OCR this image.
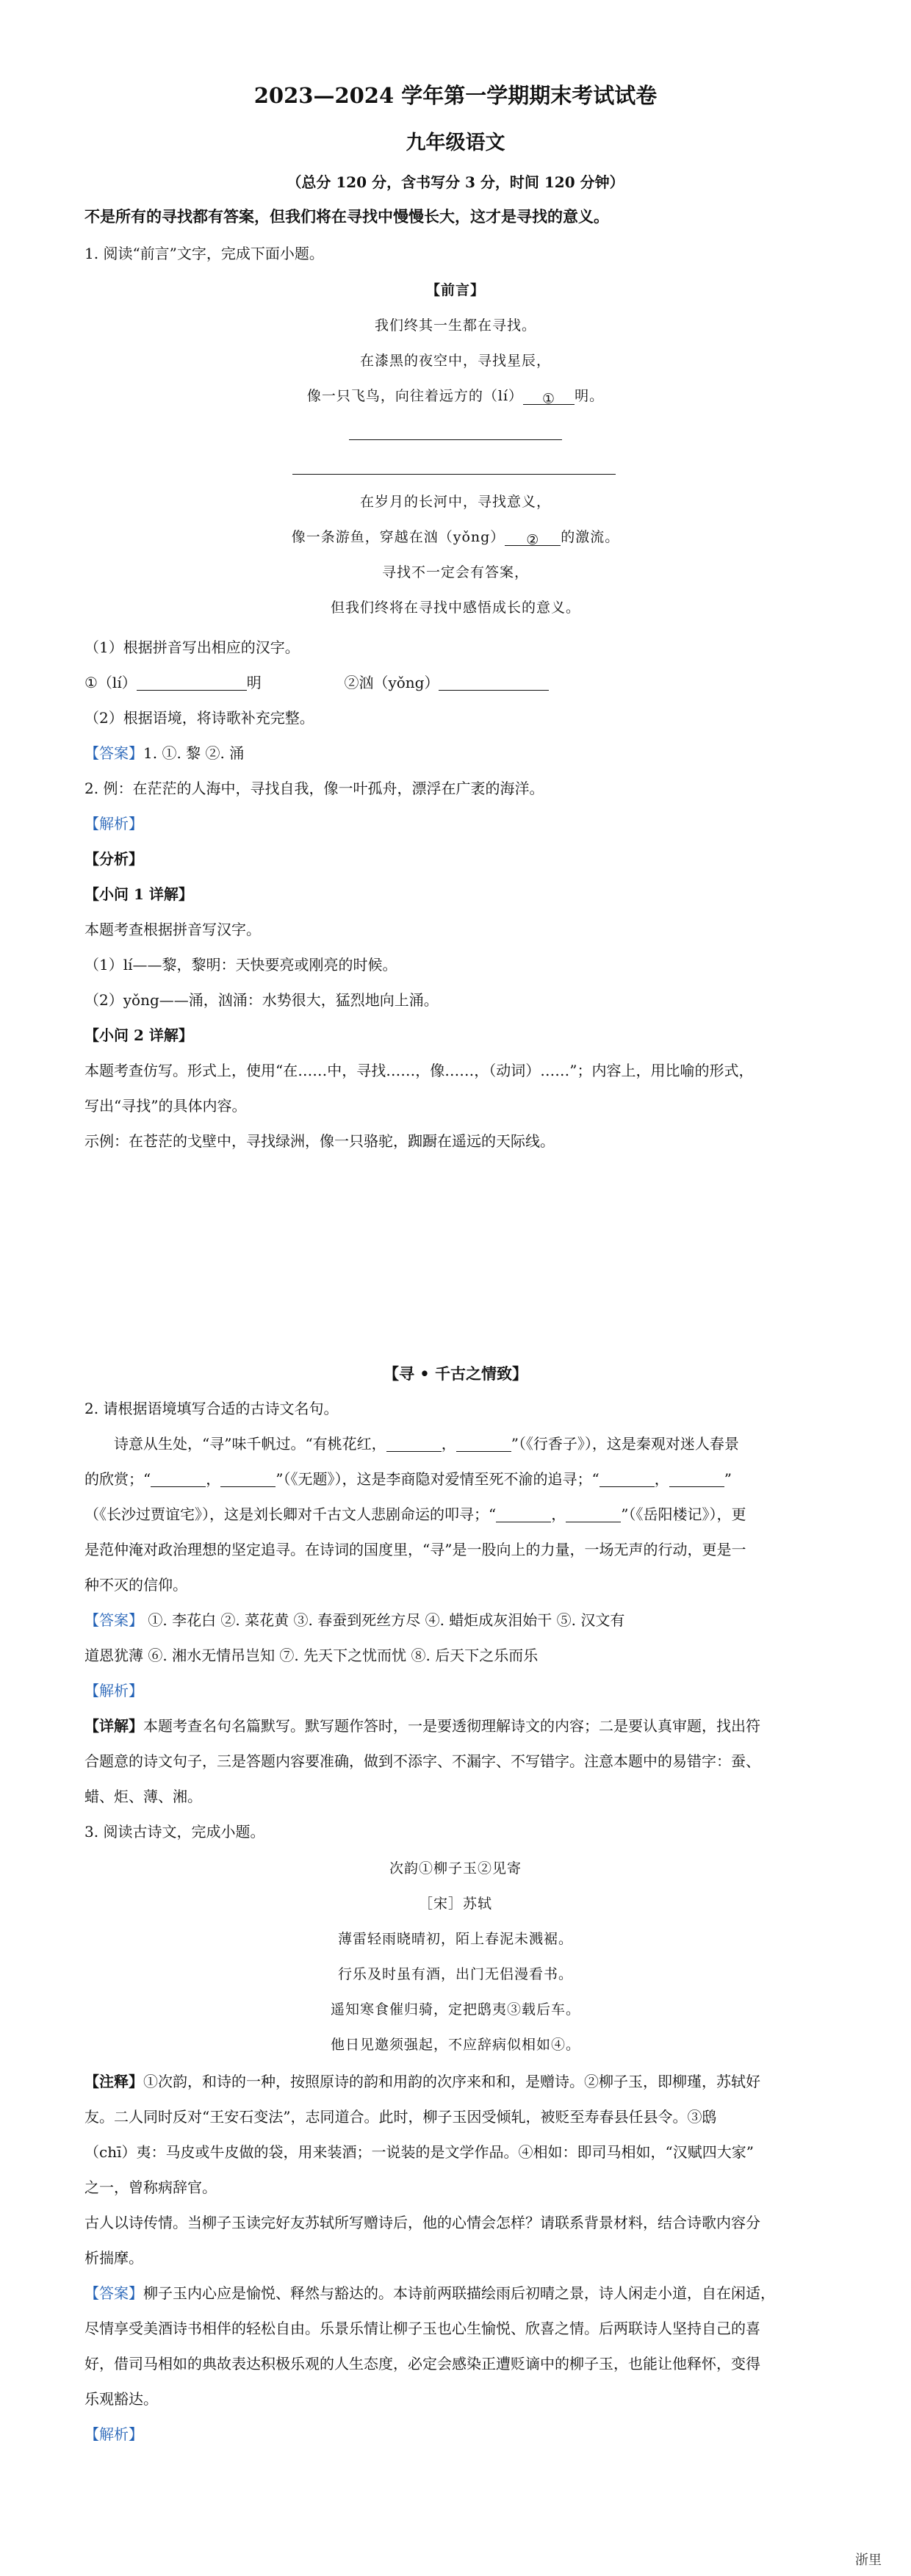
2023—2024 学年第一学期期末考试试卷
九年级语文
（总分 120 分，含书写分 3 分，时间 120 分钟）
不是所有的寻找都有答案，但我们将在寻找中慢慢长大，这才是寻找的意义。
1. 阅读“前言”文字，完成下面小题。
【前言】
我们终其一生都在寻找。
在漆黑的夜空中，寻找星辰，
像一只飞鸟，向往着远方的（lí） ① 明。
在岁月的长河中，寻找意义，
像一条游鱼，穿越在汹（yǒng） ② 的激流。
寻找不一定会有答案，
但我们终将在寻找中感悟成长的意义。
（1）根据拼音写出相应的汉字。
①（lí）	明	②汹（yǒng）
（2）根据语境，将诗歌补充完整。
【答案】1. ①. 黎 ②. 涌
2. 例：在茫茫的人海中，寻找自我，像一叶孤舟，漂浮在广袤的海洋。
【解析】
【分析】
【小问 1 详解】
本题考查根据拼音写汉字。
（1）lí——黎，黎明：天快要亮或刚亮的时候。
（2）yǒng——涌，汹涌：水势很大，猛烈地向上涌。
【小问 2 详解】
本题考查仿写。形式上，使用“在……中，寻找……，像……，（动词）……”；内容上，用比喻的形式，
写出“寻找”的具体内容。
示例：在苍茫的戈壁中，寻找绿洲，像一只骆驼，踟蹰在遥远的天际线。
【寻 • 千古之情致】
2. 请根据语境填写合适的古诗文名句。
诗意从生处，“寻”味千帆过。“有桃花红，	，	”（《行香子》），这是秦观对迷人春景
的欣赏；“	，	”（《无题》），这是李商隐对爱情至死不渝的追寻；“	，	”
（《长沙过贾谊宅》），这是刘长卿对千古文人悲剧命运的叩寻；“	，	”（《岳阳楼记》），更
是范仲淹对政治理想的坚定追寻。在诗词的国度里，“寻”是一股向上的力量，一场无声的行动，更是一
种不灭的信仰。
【答案】 ①. 李花白 ②. 菜花黄 ③. 春蚕到死丝方尽 ④. 蜡炬成灰泪始干 ⑤. 汉文有
道恩犹薄 ⑥. 湘水无情吊岂知 ⑦. 先天下之忧而忧 ⑧. 后天下之乐而乐
【解析】
【详解】本题考查名句名篇默写。默写题作答时，一是要透彻理解诗文的内容；二是要认真审题，找出符
合题意的诗文句子，三是答题内容要准确，做到不添字、不漏字、不写错字。注意本题中的易错字：蚕、
蜡、炬、薄、湘。
3. 阅读古诗文，完成小题。
次韵①柳子玉②见寄
［宋］苏轼
薄雷轻雨晓晴初，陌上春泥未溅裾。
行乐及时虽有酒，出门无侣漫看书。
遥知寒食催归骑，定把鸱夷③载后车。
他日见邀须强起，不应辞病似相如④。
【注释】①次韵，和诗的一种，按照原诗的韵和用韵的次序来和和，是赠诗。②柳子玉，即柳瑾，苏轼好
友。二人同时反对“王安石变法”，志同道合。此时，柳子玉因受倾轧，被贬至寿春县任县令。③鸱
（chī）夷：马皮或牛皮做的袋，用来装酒；一说装的是文学作品。④相如：即司马相如，“汉赋四大家”
之一，曾称病辞官。
古人以诗传情。当柳子玉读完好友苏轼所写赠诗后，他的心情会怎样？请联系背景材料，结合诗歌内容分
析揣摩。
【答案】柳子玉内心应是愉悦、释然与豁达的。本诗前两联描绘雨后初晴之景，诗人闲走小道，自在闲适，
尽情享受美酒诗书相伴的轻松自由。乐景乐情让柳子玉也心生愉悦、欣喜之情。后两联诗人坚持自己的喜
好，借司马相如的典故表达积极乐观的人生态度，必定会感染正遭贬谪中的柳子玉，也能让他释怀，变得
乐观豁达。
【解析】
浙里
